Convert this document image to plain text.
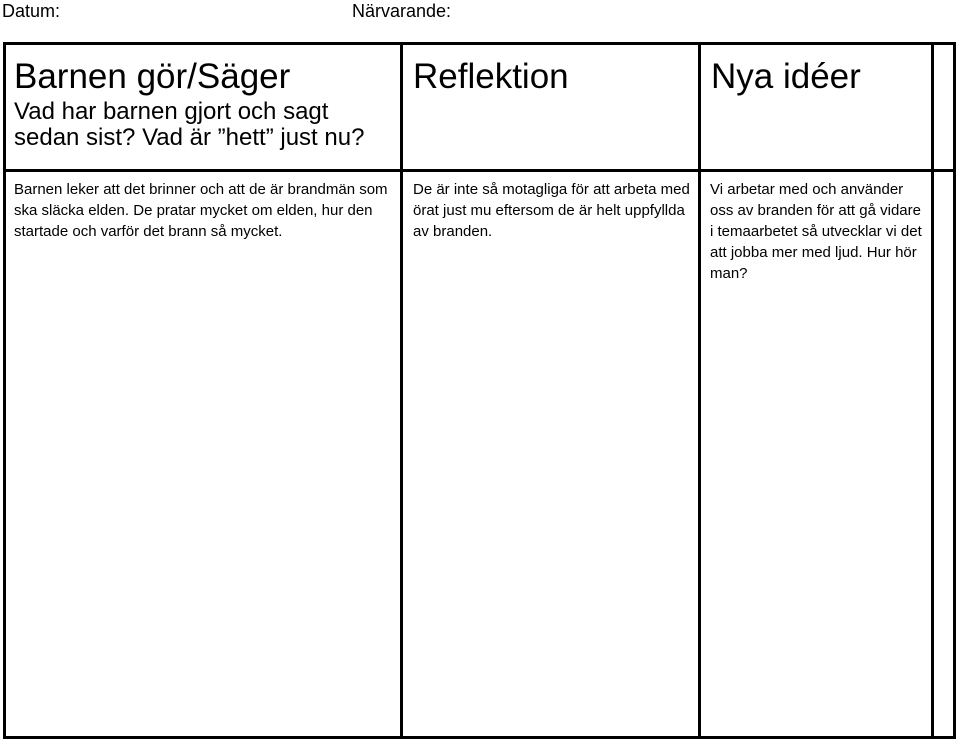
Datum:	Närvarande:
Barnen gör/Säger
Vad har barnen gjort och sagt sedan sist? Vad är ”hett” just nu?
Reflektion	Nya idéer
Barnen leker att det brinner och att de är brandmän som ska släcka elden. De pratar mycket om elden, hur den startade och varför det brann så mycket.
De är inte så motagliga för att arbeta med örat just mu eftersom de är helt uppfyllda av branden.
Vi arbetar med och använder oss av branden för att gå vidare i temaarbetet så utvecklar vi det att jobba mer med ljud. Hur hör man?
